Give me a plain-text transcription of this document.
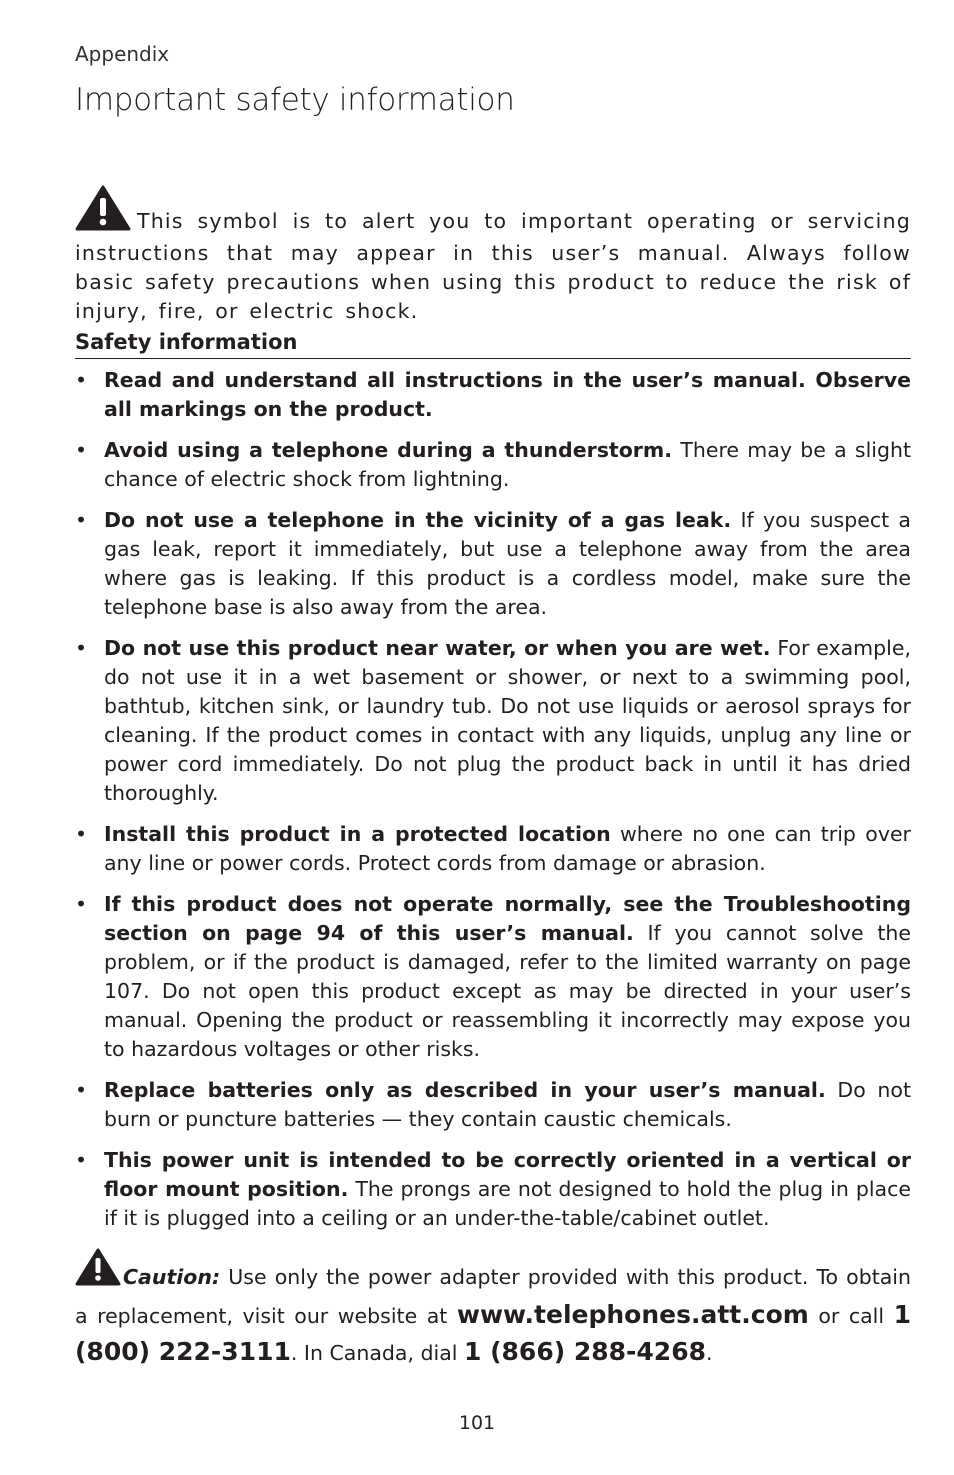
Appendix
Important safety information

This symbol is to alert you to important operating or servicing instructions that may appear in this user’s manual. Always follow basic safety precautions when using this product to reduce the risk of injury, fire, or electric shock.

Safety information
• Read and understand all instructions in the user’s manual. Observe all markings on the product.
• Avoid using a telephone during a thunderstorm. There may be a slight chance of electric shock from lightning.
• Do not use a telephone in the vicinity of a gas leak. If you suspect a gas leak, report it immediately, but use a telephone away from the area where gas is leaking. If this product is a cordless model, make sure the telephone base is also away from the area.
• Do not use this product near water, or when you are wet. For example, do not use it in a wet basement or shower, or next to a swimming pool, bathtub, kitchen sink, or laundry tub. Do not use liquids or aerosol sprays for cleaning. If the product comes in contact with any liquids, unplug any line or power cord immediately. Do not plug the product back in until it has dried thoroughly.
• Install this product in a protected location where no one can trip over any line or power cords. Protect cords from damage or abrasion.
• If this product does not operate normally, see the Troubleshooting section on page 94 of this user’s manual. If you cannot solve the problem, or if the product is damaged, refer to the limited warranty on page 107. Do not open this product except as may be directed in your user’s manual. Opening the product or reassembling it incorrectly may expose you to hazardous voltages or other risks.
• Replace batteries only as described in your user’s manual. Do not burn or puncture batteries — they contain caustic chemicals.
• This power unit is intended to be correctly oriented in a vertical or floor mount position. The prongs are not designed to hold the plug in place if it is plugged into a ceiling or an under-the-table/cabinet outlet.

Caution: Use only the power adapter provided with this product. To obtain a replacement, visit our website at www.telephones.att.com or call 1 (800) 222-3111. In Canada, dial 1 (866) 288-4268.

101
